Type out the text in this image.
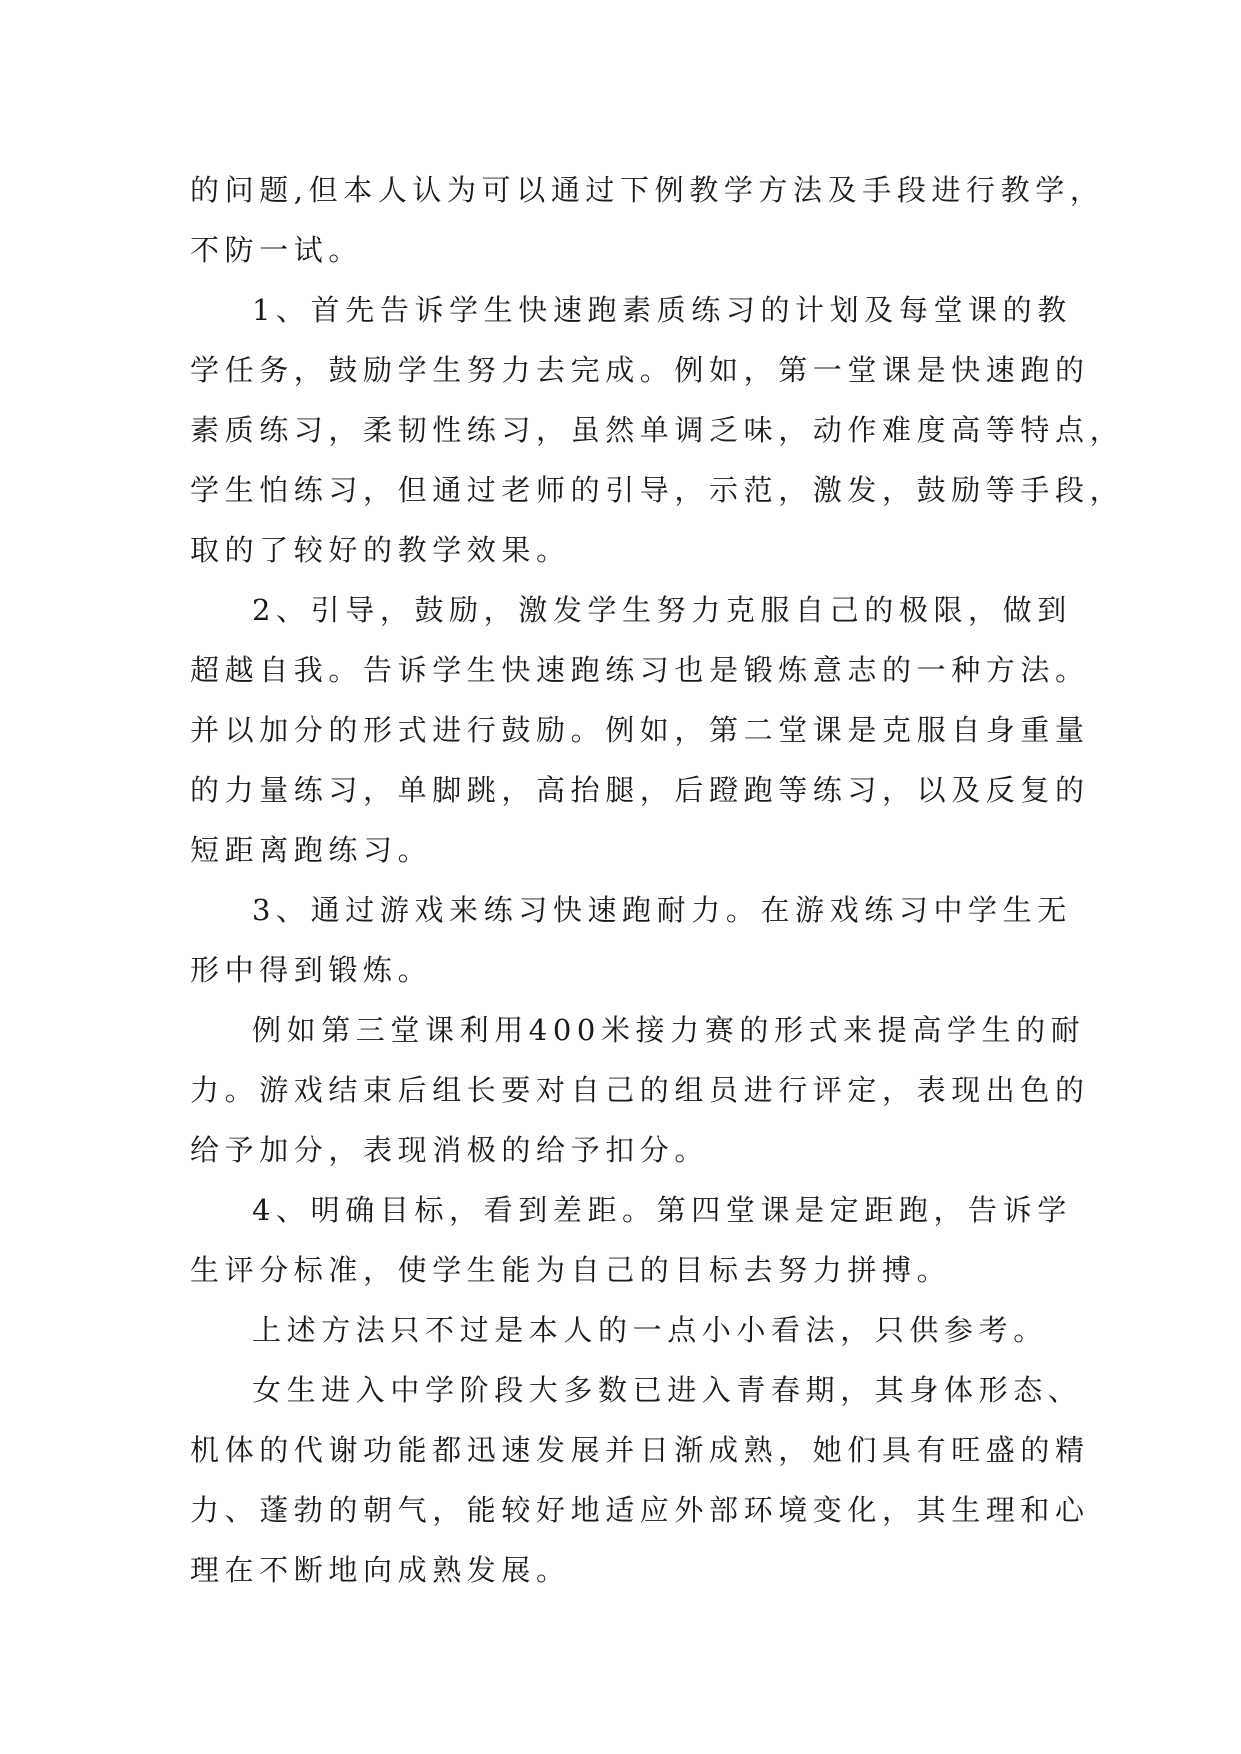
的问题,但本人认为可以通过下例教学方法及手段进行教学，
不防一试。
1、首先告诉学生快速跑素质练习的计划及每堂课的教
学任务，鼓励学生努力去完成。例如，第一堂课是快速跑的
素质练习，柔韧性练习，虽然单调乏味，动作难度高等特点，
学生怕练习，但通过老师的引导，示范，激发，鼓励等手段，
取的了较好的教学效果。
2、引导，鼓励，激发学生努力克服自己的极限，做到
超越自我。告诉学生快速跑练习也是锻炼意志的一种方法。
并以加分的形式进行鼓励。例如，第二堂课是克服自身重量
的力量练习，单脚跳，高抬腿，后蹬跑等练习，以及反复的
短距离跑练习。
3、通过游戏来练习快速跑耐力。在游戏练习中学生无
形中得到锻炼。
例如第三堂课利用400米接力赛的形式来提高学生的耐
力。游戏结束后组长要对自己的组员进行评定，表现出色的
给予加分，表现消极的给予扣分。
4、明确目标，看到差距。第四堂课是定距跑，告诉学
生评分标准，使学生能为自己的目标去努力拼搏。
上述方法只不过是本人的一点小小看法，只供参考。
女生进入中学阶段大多数已进入青春期，其身体形态、
机体的代谢功能都迅速发展并日渐成熟，她们具有旺盛的精
力、蓬勃的朝气，能较好地适应外部环境变化，其生理和心
理在不断地向成熟发展。
